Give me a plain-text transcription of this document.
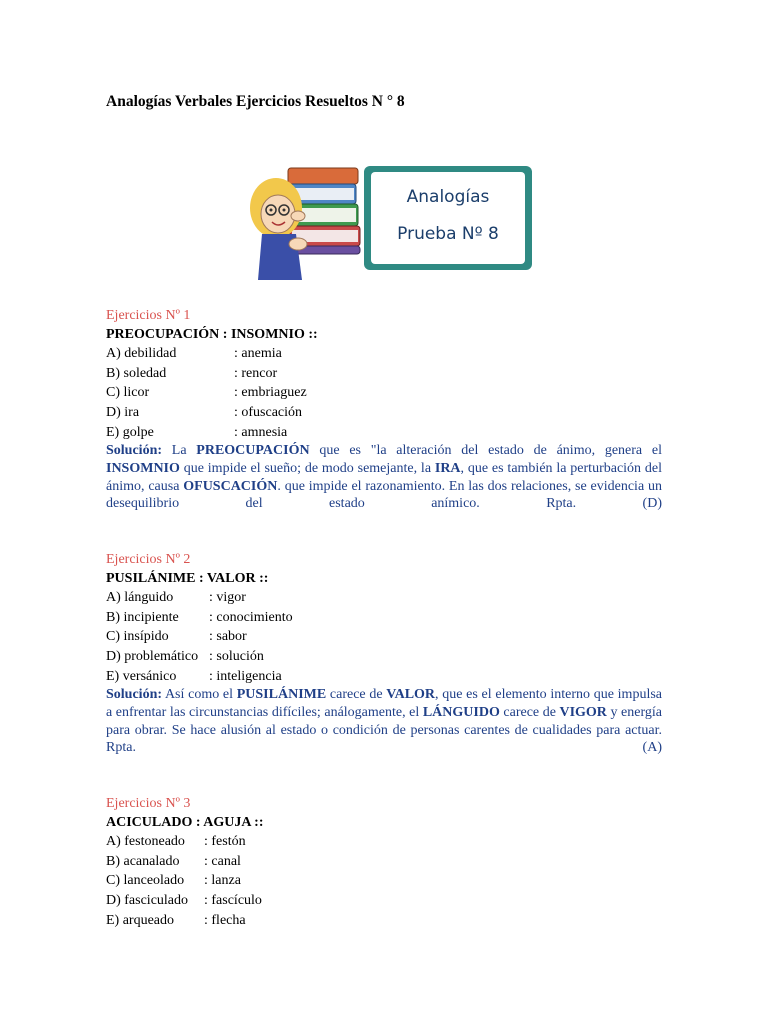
Analogías Verbales Ejercicios Resueltos N ° 8
Analogías
Prueba Nº 8
Ejercicios Nº 1
PREOCUPACIÓN : INSOMNIO ::
A) debilidad	: anemia
B) soledad	: rencor
C) licor	: embriaguez
D) ira	: ofuscación
E) golpe	: amnesia
Solución: La PREOCUPACIÓN que es "la alteración del estado de ánimo, genera el INSOMNIO que impide el sueño; de modo semejante, la IRA, que es también la perturbación del ánimo, causa OFUSCACIÓN. que impide el razonamiento. En las dos relaciones, se evidencia un desequilibrio del estado anímico. Rpta. (D)
Ejercicios Nº 2
PUSILÁNIME : VALOR ::
A) lánguido	: vigor
B) incipiente : conocimiento
C) insípido	: sabor
D) problemático : solución
E) versánico : inteligencia
Solución: Así como el PUSILÁNIME carece de VALOR, que es el elemento interno que impulsa a enfrentar las circunstancias difíciles; análogamente, el LÁNGUIDO carece de VIGOR y energía para obrar. Se hace alusión al estado o condición de personas carentes de cualidades para actuar. Rpta. (A)
Ejercicios Nº 3
ACICULADO : AGUJA ::
A) festoneado : festón
B) acanalado : canal
C) lanceolado : lanza
D) fasciculado : fascículo
E) arqueado : flecha
